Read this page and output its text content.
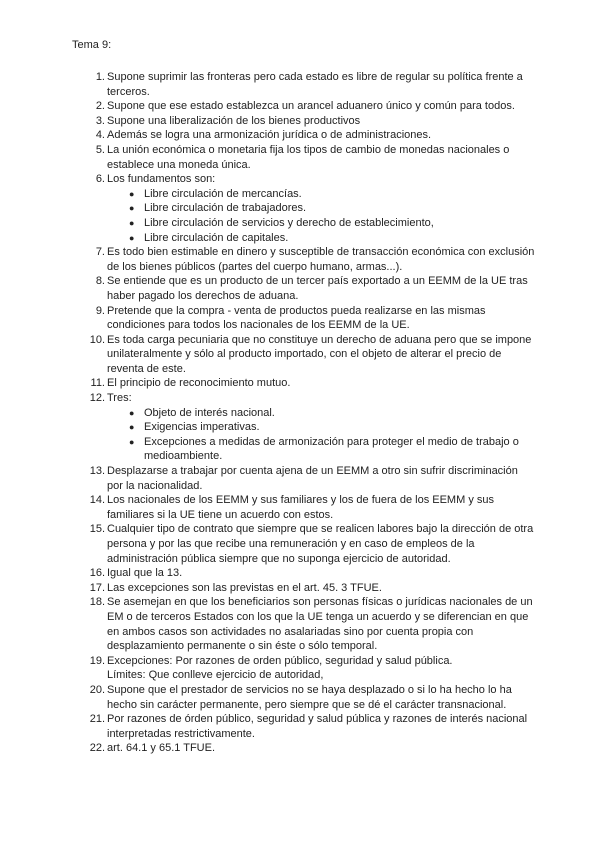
Tema 9:
1. Supone suprimir las fronteras pero cada estado es libre de regular su política frente a terceros.
2. Supone que ese estado establezca un arancel aduanero único y común para todos.
3. Supone una liberalización de los bienes productivos
4. Además se logra una armonización jurídica o de administraciones.
5. La unión económica o monetaria fija los tipos de cambio de monedas nacionales o establece una moneda única.
6. Los fundamentos son:
● Libre circulación de mercancías.
● Libre circulación de trabajadores.
● Libre circulación de servicios y derecho de establecimiento,
● Libre circulación de capitales.
7. Es todo bien estimable en dinero y susceptible de transacción económica con exclusión de los bienes públicos (partes del cuerpo humano, armas...).
8. Se entiende que es un producto de un tercer país exportado a un EEMM de la UE tras haber pagado los derechos de aduana.
9. Pretende que la compra - venta de productos pueda realizarse en las mismas condiciones para todos los nacionales de los EEMM de la UE.
10. Es toda carga pecuniaria que no constituye un derecho de aduana pero que se impone unilateralmente y sólo al producto importado, con el objeto de alterar el precio de reventa de este.
11. El principio de reconocimiento mutuo.
12. Tres:
● Objeto de interés nacional.
● Exigencias imperativas.
● Excepciones a medidas de armonización para proteger el medio de trabajo o medioambiente.
13. Desplazarse a trabajar por cuenta ajena de un EEMM a otro sin sufrir discriminación por la nacionalidad.
14. Los nacionales de los EEMM y sus familiares y los de fuera de los EEMM y sus familiares si la UE tiene un acuerdo con estos.
15. Cualquier tipo de contrato que siempre que se realicen labores bajo la dirección de otra persona y por las que recibe una remuneración y en caso de empleos de la administración pública siempre que no suponga ejercicio de autoridad.
16. Igual que la 13.
17. Las excepciones son las previstas en el art. 45. 3 TFUE.
18. Se asemejan en que los beneficiarios son personas físicas o jurídicas nacionales de un EM o de terceros Estados con los que la UE tenga un acuerdo y se diferencian en que en ambos casos son actividades no asalariadas sino por cuenta propia con desplazamiento permanente o sin éste o sólo temporal.
19. Excepciones: Por razones de orden público, seguridad y salud pública.
Límites: Que conlleve ejercicio de autoridad,
20. Supone que el prestador de servicios no se haya desplazado o si lo ha hecho lo ha hecho sin carácter permanente, pero siempre que se dé el carácter transnacional.
21. Por razones de órden público, seguridad y salud pública y razones de interés nacional interpretadas restrictivamente.
22. art. 64.1 y 65.1 TFUE.
